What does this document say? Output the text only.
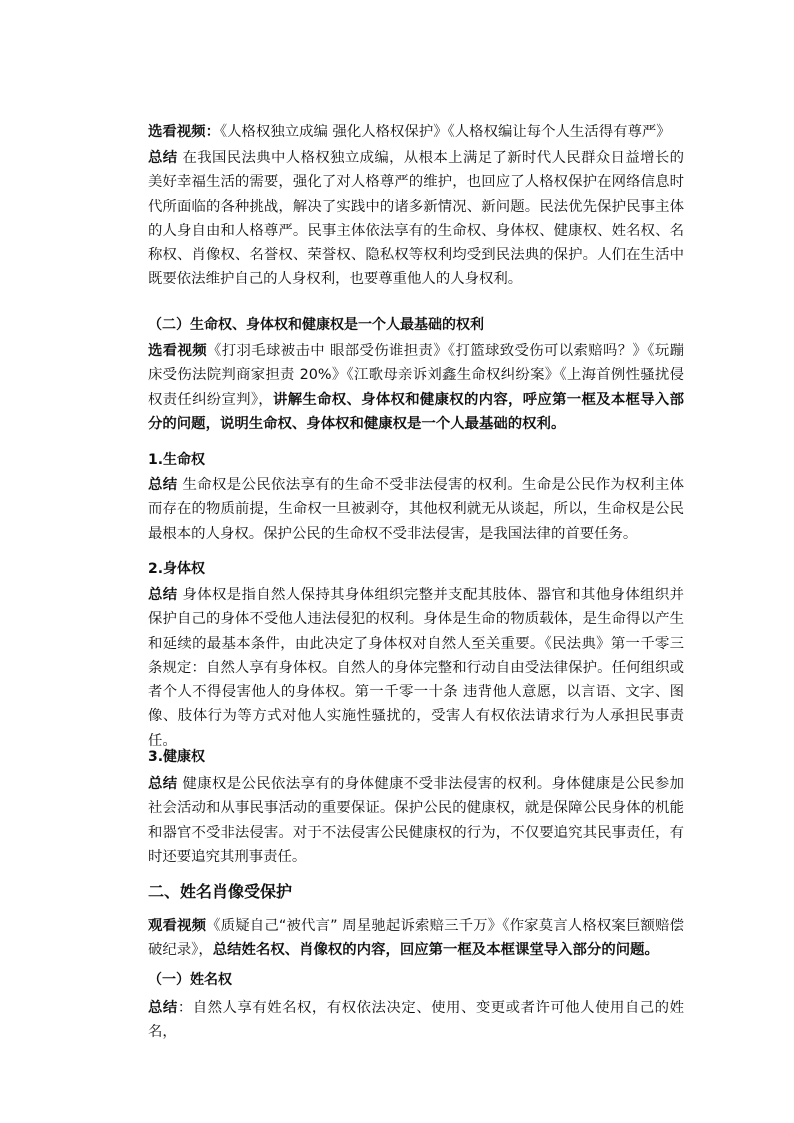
选看视频：《人格权独立成编 强化人格权保护》《人格权编让每个人生活得有尊严》

总结 在我国民法典中人格权独立成编，从根本上满足了新时代人民群众日益增长的美好幸福生活的需要，强化了对人格尊严的维护，也回应了人格权保护在网络信息时代所面临的各种挑战，解决了实践中的诸多新情况、新问题。民法优先保护民事主体的人身自由和人格尊严。民事主体依法享有的生命权、身体权、健康权、姓名权、名称权、肖像权、名誉权、荣誉权、隐私权等权利均受到民法典的保护。人们在生活中既要依法维护自己的人身权利，也要尊重他人的人身权利。

（二）生命权、身体权和健康权是一个人最基础的权利

选看视频《打羽毛球被击中 眼部受伤谁担责》《打篮球致受伤可以索赔吗？》《玩蹦床受伤法院判商家担责 20%》《江歌母亲诉刘鑫生命权纠纷案》《上海首例性骚扰侵权责任纠纷宣判》，讲解生命权、身体权和健康权的内容，呼应第一框及本框导入部分的问题，说明生命权、身体权和健康权是一个人最基础的权利。

1.生命权

总结 生命权是公民依法享有的生命不受非法侵害的权利。生命是公民作为权利主体而存在的物质前提，生命权一旦被剥夺，其他权利就无从谈起，所以，生命权是公民最根本的人身权。保护公民的生命权不受非法侵害，是我国法律的首要任务。

2.身体权

总结 身体权是指自然人保持其身体组织完整并支配其肢体、器官和其他身体组织并保护自己的身体不受他人违法侵犯的权利。身体是生命的物质载体，是生命得以产生和延续的最基本条件，由此决定了身体权对自然人至关重要。《民法典》第一千零三条规定：自然人享有身体权。自然人的身体完整和行动自由受法律保护。任何组织或者个人不得侵害他人的身体权。第一千零一十条 违背他人意愿，以言语、文字、图像、肢体行为等方式对他人实施性骚扰的，受害人有权依法请求行为人承担民事责任。

3.健康权

总结 健康权是公民依法享有的身体健康不受非法侵害的权利。身体健康是公民参加社会活动和从事民事活动的重要保证。保护公民的健康权，就是保障公民身体的机能和器官不受非法侵害。对于不法侵害公民健康权的行为，不仅要追究其民事责任，有时还要追究其刑事责任。

二、姓名肖像受保护

观看视频《质疑自己“被代言” 周星驰起诉索赔三千万》《作家莫言人格权案巨额赔偿破纪录》，总结姓名权、肖像权的内容，回应第一框及本框课堂导入部分的问题。

（一）姓名权

总结：自然人享有姓名权，有权依法决定、使用、变更或者许可他人使用自己的姓名，
